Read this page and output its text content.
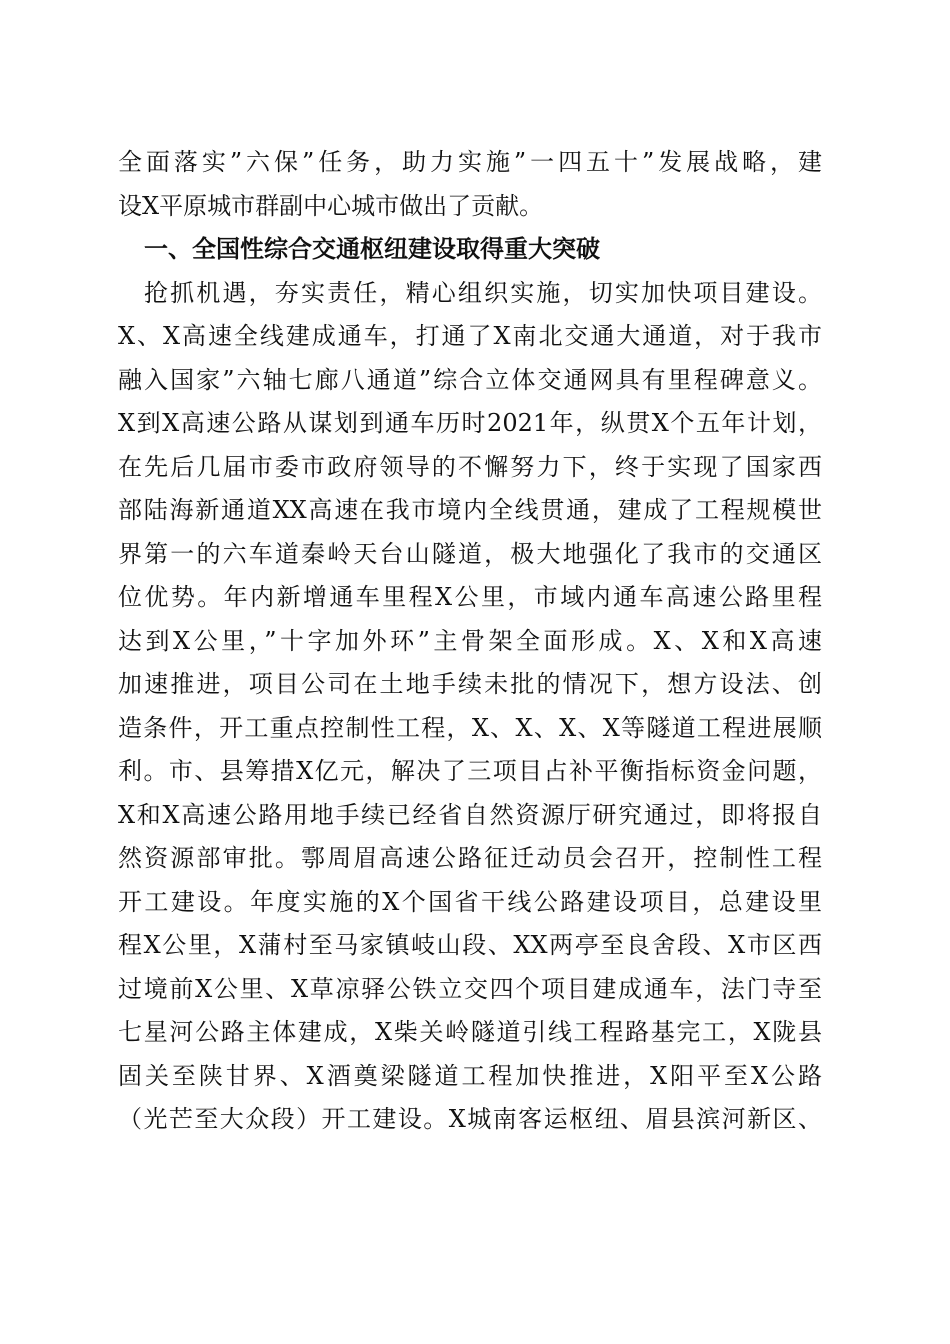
全面落实”六保”任务，助力实施”一四五十”发展战略，建
设X平原城市群副中心城市做出了贡献。
一、全国性综合交通枢纽建设取得重大突破
抢抓机遇，夯实责任，精心组织实施，切实加快项目建设。
X、X高速全线建成通车，打通了X南北交通大通道，对于我市
融入国家”六轴七廊八通道”综合立体交通网具有里程碑意义。
X到X高速公路从谋划到通车历时2021年，纵贯X个五年计划，
在先后几届市委市政府领导的不懈努力下，终于实现了国家西
部陆海新通道XX高速在我市境内全线贯通，建成了工程规模世
界第一的六车道秦岭天台山隧道，极大地强化了我市的交通区
位优势。年内新增通车里程X公里，市域内通车高速公路里程
达到X公里，”十字加外环”主骨架全面形成。X、X和X高速
加速推进，项目公司在土地手续未批的情况下，想方设法、创
造条件，开工重点控制性工程，X、X、X、X等隧道工程进展顺
利。市、县筹措X亿元，解决了三项目占补平衡指标资金问题，
X和X高速公路用地手续已经省自然资源厅研究通过，即将报自
然资源部审批。鄠周眉高速公路征迁动员会召开，控制性工程
开工建设。年度实施的X个国省干线公路建设项目，总建设里
程X公里，X蒲村至马家镇岐山段、XX两亭至良舍段、X市区西
过境前X公里、X草凉驿公铁立交四个项目建成通车，法门寺至
七星河公路主体建成，X柴关岭隧道引线工程路基完工，X陇县
固关至陕甘界、X酒奠梁隧道工程加快推进，X阳平至X公路
（光芒至大众段）开工建设。X城南客运枢纽、眉县滨河新区、
